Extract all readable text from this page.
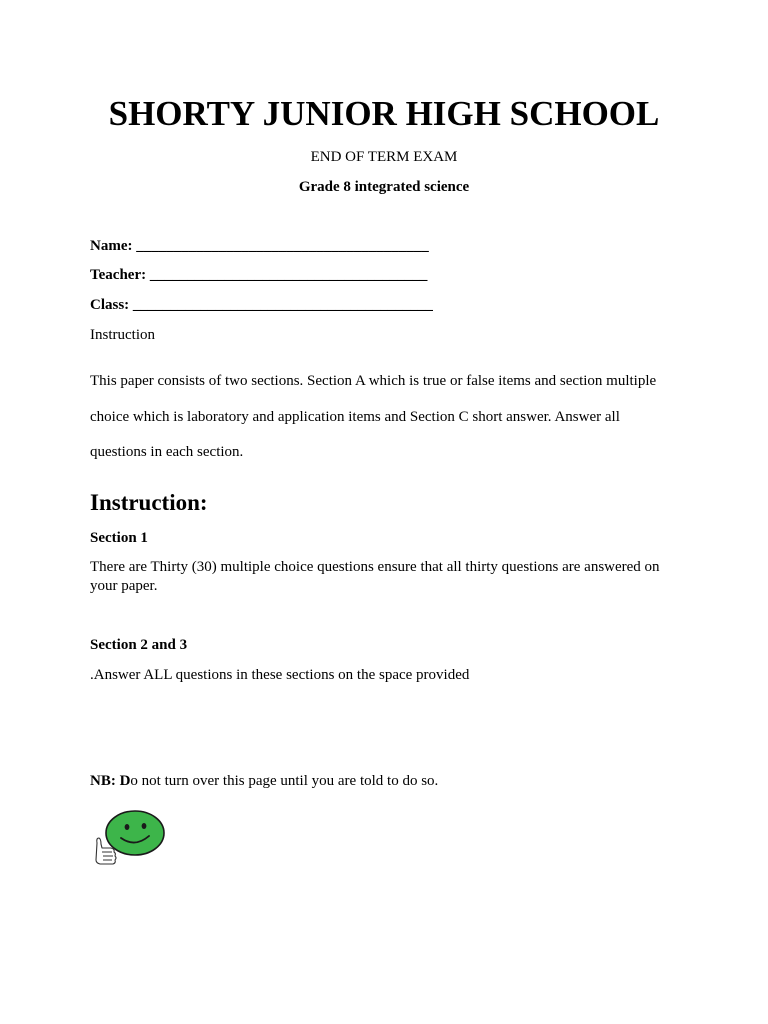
SHORTY JUNIOR HIGH SCHOOL

END OF TERM EXAM

Grade 8 integrated science

Name: _______________________________________

Teacher: _____________________________________

Class: ________________________________________

Instruction

This paper consists of two sections. Section A which is true or false items and section multiple

choice which is laboratory and application items and Section C short answer. Answer all

questions in each section.

Instruction:

Section 1

There are Thirty (30) multiple choice questions ensure that all thirty questions are answered on your paper.

Section 2 and 3

.Answer ALL questions in these sections on the space provided

NB: Do not turn over this page until you are told to do so.
